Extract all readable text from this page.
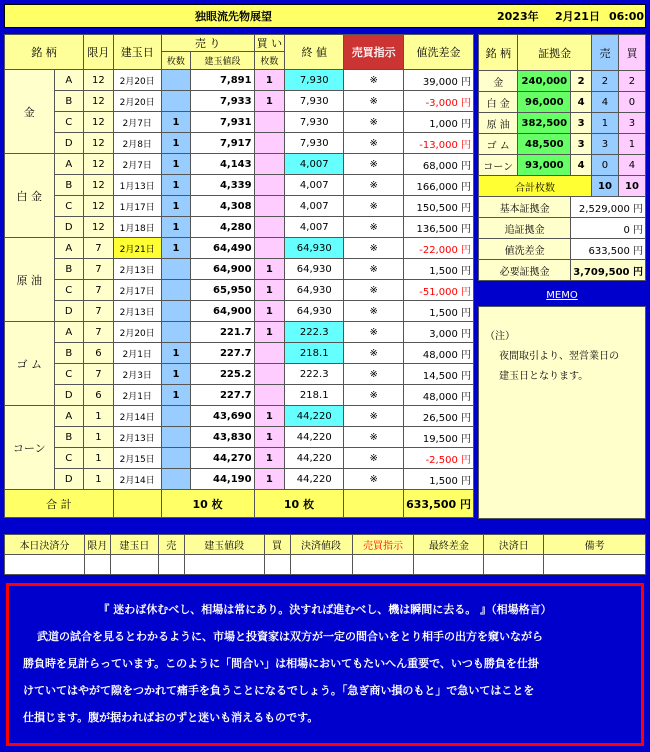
独眼流先物展望	2023年 2月21日 06:00
銘 柄		限月	建玉日	売 り		買 い	終 値	売買指示	値洗差金
				枚数	建玉値段	枚数			
金	A	12	2月20日		7,891	1	7,930	※	39,000 円
	B	12	2月20日		7,933	1	7,930	※	-3,000 円
	C	12	2月7日	1	7,931		7,930	※	1,000 円
	D	12	2月8日	1	7,917		7,930	※	-13,000 円
白 金	A	12	2月7日	1	4,143		4,007	※	68,000 円
	B	12	1月13日	1	4,339		4,007	※	166,000 円
	C	12	1月17日	1	4,308		4,007	※	150,500 円
	D	12	1月18日	1	4,280		4,007	※	136,500 円
原 油	A	7	2月21日	1	64,490		64,930	※	-22,000 円
	B	7	2月13日		64,900	1	64,930	※	1,500 円
	C	7	2月17日		65,950	1	64,930	※	-51,000 円
	D	7	2月13日		64,900	1	64,930	※	1,500 円
ゴ ム	A	7	2月20日		221.7	1	222.3	※	3,000 円
	B	6	2月1日	1	227.7		218.1	※	48,000 円
	C	7	2月3日	1	225.2		222.3	※	14,500 円
	D	6	2月1日	1	227.7		218.1	※	48,000 円
コーン	A	1	2月14日		43,690	1	44,220	※	26,500 円
	B	1	2月13日		43,830	1	44,220	※	19,500 円
	C	1	2月15日		44,270	1	44,220	※	-2,500 円
	D	1	2月14日		44,190	1	44,220	※	1,500 円
合 計				10 枚		10 枚			633,500 円
銘 柄	証拠金		売	買
金	240,000	2	2	2
白 金	96,000	4	4	0
原 油	382,500	3	1	3
ゴ ム	48,500	3	3	1
コーン	93,000	4	0	4
合計枚数			10	10
基本証拠金		2,529,000 円		
追証拠金		0 円		
値洗差金		633,500 円		
必要証拠金		3,709,500 円		
MEMO
（注）
夜間取引より、翌営業日の
建玉日となります。
本日決済分	限月	建玉日	売	建玉値段	買	決済値段	売買指示	最終差金	決済日	備考

『 迷わば休むべし、相場は常にあり。決すれば進むべし、機は瞬間に去る。 』（相場格言）

武道の試合を見るとわかるように、市場と投資家は双方が一定の間合いをとり相手の出方を窺いながら

勝負時を見計らっています。このように「間合い」は相場においてもたいへん重要で、いつも勝負を仕掛

けていてはやがて隙をつかれて痛手を負うことになるでしょう。「急ぎ商い損のもと」で急いてはことを

仕損じます。腹が据わればおのずと迷いも消えるものです。
